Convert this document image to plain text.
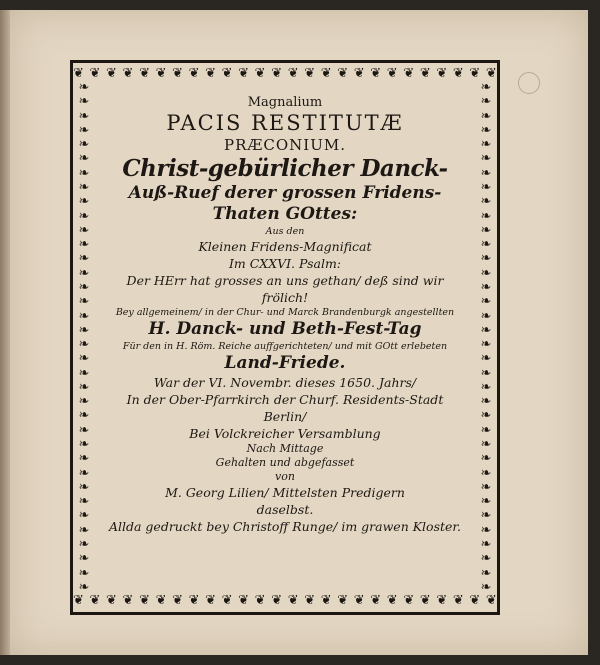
❦ ❦ ❦ ❦ ❦ ❦ ❦ ❦ ❦ ❦ ❦ ❦ ❦ ❦ ❦ ❦ ❦ ❦ ❦ ❦ ❦ ❦ ❦ ❦ ❦ ❦
❦ ❦ ❦ ❦ ❦ ❦ ❦ ❦ ❦ ❦ ❦ ❦ ❦ ❦ ❦ ❦ ❦ ❦ ❦ ❦ ❦ ❦ ❦ ❦ ❦ ❦
❧
❧
❧
❧
❧
❧
❧
❧
❧
❧
❧
❧
❧
❧
❧
❧
❧
❧
❧
❧
❧
❧
❧
❧
❧
❧
❧
❧
❧
❧
❧
❧
❧
❧
❧
❧
❧
❧
❧
❧
❧
❧
❧
❧
❧
❧
❧
❧
❧
❧
❧
❧
❧
❧
❧
❧
❧
❧
❧
❧
❧
❧
❧
❧
❧
❧
❧
❧
❧
❧
❧
❧
Magnalium
PACIS RESTITUTÆ
PRÆCONIUM.
Christ-gebürlicher Danck-
Auß-Ruef derer grossen Fridens-
Thaten GOttes:
Aus den
Kleinen Fridens-Magnificat
Im CXXVI. Psalm:
Der HErr hat grosses an uns gethan/ deß sind wir
frölich!
Bey allgemeinem/ in der Chur- und Marck Brandenburgk angestellten
H. Danck- und Beth-Fest-Tag
Für den in H. Röm. Reiche auffgerichteten/ und mit GOtt erlebeten
Land-Friede.
War der VI. Novembr. dieses 1650. Jahrs/
In der Ober-Pfarrkirch der Churf. Residents-Stadt
Berlin/
Bei Volckreicher Versamblung
Nach Mittage
Gehalten und abgefasset
von
M. Georg Lilien/ Mittelsten Predigern
daselbst.
Allda gedruckt bey Christoff Runge/ im grawen Kloster.
